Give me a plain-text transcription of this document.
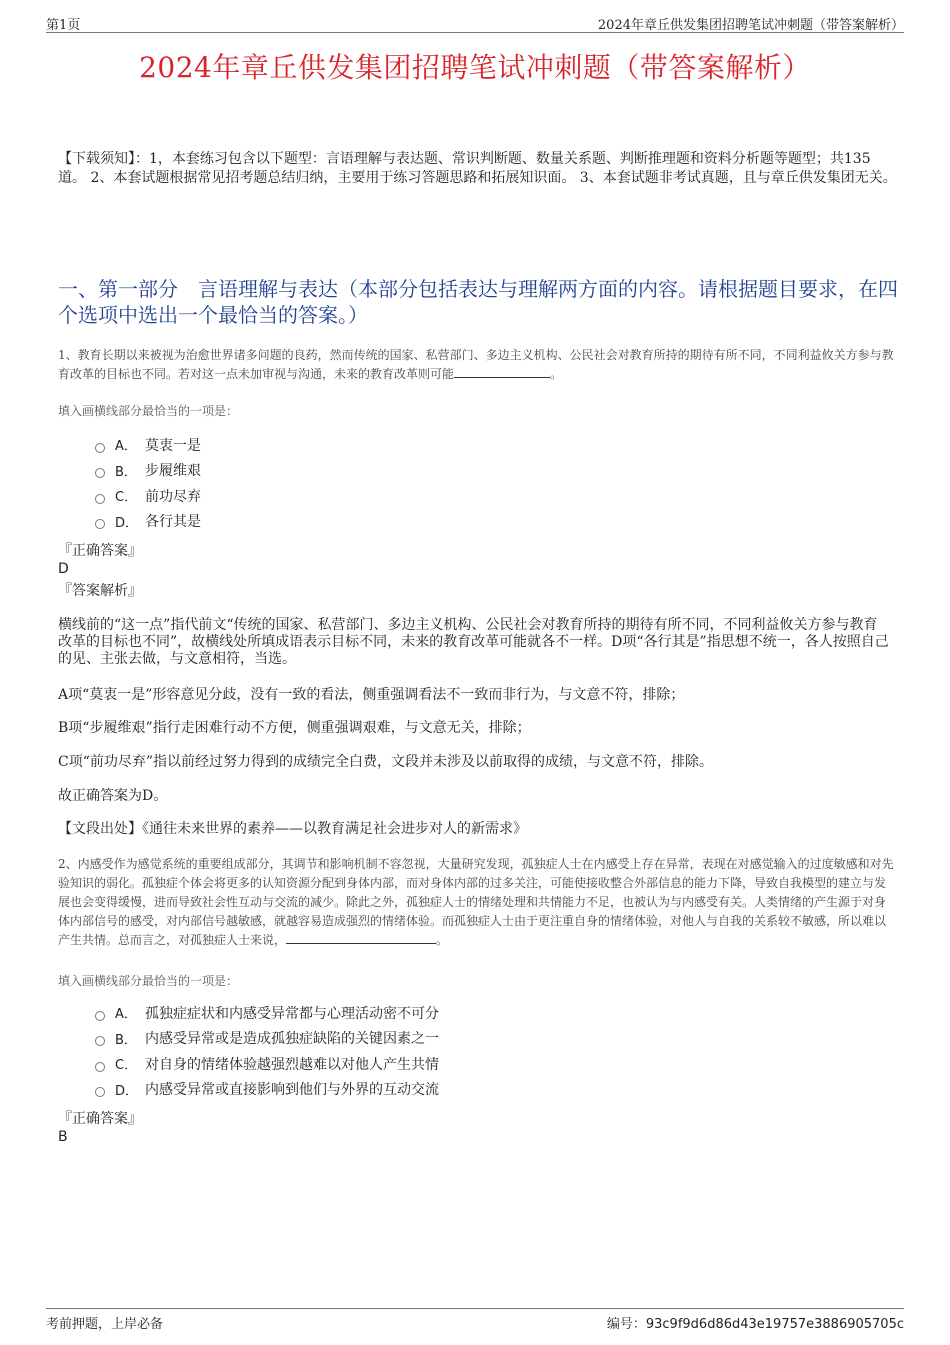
第1页	2024年章丘供发集团招聘笔试冲刺题（带答案解析）
2024年章丘供发集团招聘笔试冲刺题（带答案解析）
【下载须知】：1，本套练习包含以下题型：言语理解与表达题、常识判断题、数量关系题、判断推理题和资料分析题等题型；共135道。 2、本套试题根据常见招考题总结归纳，主要用于练习答题思路和拓展知识面。 3、本套试题非考试真题，且与章丘供发集团无关。
一、第一部分　言语理解与表达（本部分包括表达与理解两方面的内容。请根据题目要求，在四个选项中选出一个最恰当的答案。）
1、教育长期以来被视为治愈世界诸多问题的良药，然而传统的国家、私营部门、多边主义机构、公民社会对教育所持的期待有所不同，不同利益攸关方参与教育改革的目标也不同。若对这一点未加审视与沟通，未来的教育改革则可能	。
填入画横线部分最恰当的一项是：
A． 莫衷一是
B． 步履维艰
C． 前功尽弃
D． 各行其是
『正确答案』
D
『答案解析』
横线前的“这一点”指代前文“传统的国家、私营部门、多边主义机构、公民社会对教育所持的期待有所不同，不同利益攸关方参与教育改革的目标也不同”，故横线处所填成语表示目标不同，未来的教育改革可能就各不一样。D项“各行其是”指思想不统一，各人按照自己的见、主张去做，与文意相符，当选。
A项“莫衷一是”形容意见分歧，没有一致的看法，侧重强调看法不一致而非行为，与文意不符，排除；
B项“步履维艰”指行走困难行动不方便，侧重强调艰难，与文意无关，排除；
C项“前功尽弃”指以前经过努力得到的成绩完全白费，文段并未涉及以前取得的成绩，与文意不符，排除。
故正确答案为D。
【文段出处】《通往未来世界的素养——以教育满足社会进步对人的新需求》
2、内感受作为感觉系统的重要组成部分，其调节和影响机制不容忽视，大量研究发现，孤独症人士在内感受上存在异常，表现在对感觉输入的过度敏感和对先验知识的弱化。孤独症个体会将更多的认知资源分配到身体内部，而对身体内部的过多关注，可能使接收整合外部信息的能力下降，导致自我模型的建立与发展也会变得缓慢，进而导致社会性互动与交流的减少。除此之外，孤独症人士的情绪处理和共情能力不足，也被认为与内感受有关。人类情绪的产生源于对身体内部信号的感受，对内部信号越敏感，就越容易造成强烈的情绪体验。而孤独症人士由于更注重自身的情绪体验，对他人与自我的关系较不敏感，所以难以产生共情。总而言之，对孤独症人士来说，	。
填入画横线部分最恰当的一项是：
A． 孤独症症状和内感受异常都与心理活动密不可分
B． 内感受异常或是造成孤独症缺陷的关键因素之一
C． 对自身的情绪体验越强烈越难以对他人产生共情
D． 内感受异常或直接影响到他们与外界的互动交流
『正确答案』
B
考前押题，上岸必备	编号：93c9f9d6d86d43e19757e3886905705c
